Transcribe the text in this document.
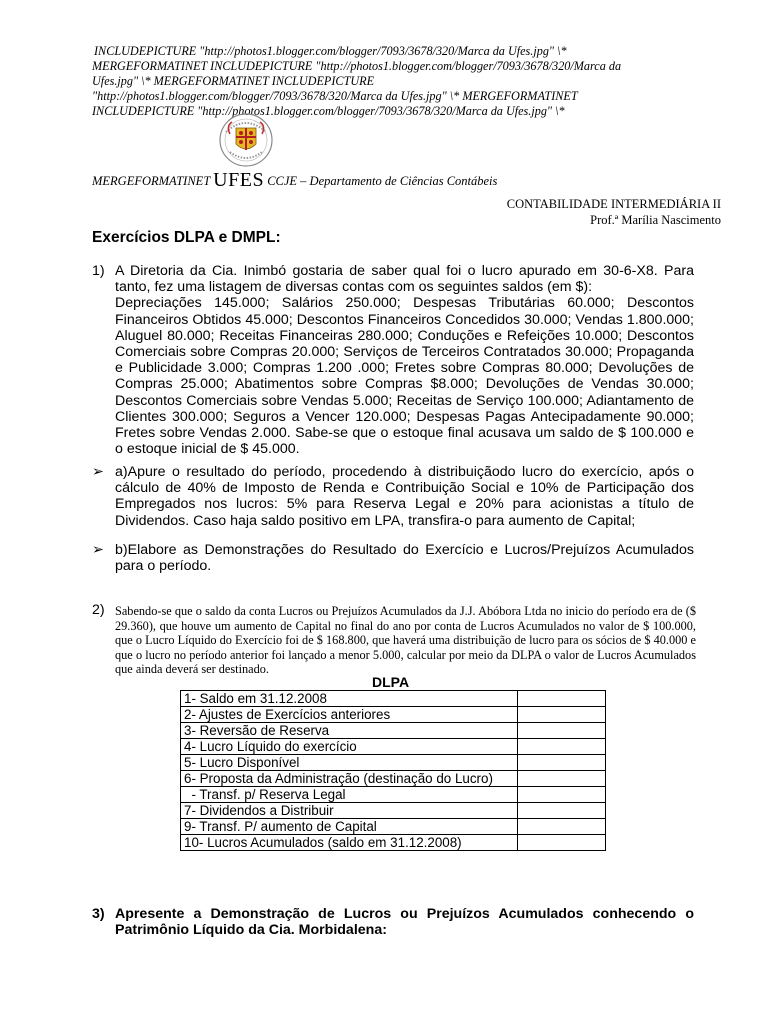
INCLUDEPICTURE "http://photos1.blogger.com/blogger/7093/3678/320/Marca da Ufes.jpg" \*
MERGEFORMATINET INCLUDEPICTURE "http://photos1.blogger.com/blogger/7093/3678/320/Marca da
Ufes.jpg" \* MERGEFORMATINET INCLUDEPICTURE
"http://photos1.blogger.com/blogger/7093/3678/320/Marca da Ufes.jpg" \* MERGEFORMATINET
INCLUDEPICTURE "http://photos1.blogger.com/blogger/7093/3678/320/Marca da Ufes.jpg" \*
MERGEFORMATINET UFES CCJE – Departamento de Ciências Contábeis
CONTABILIDADE INTERMEDIÁRIA II
Prof.ª Marília Nascimento
Exercícios DLPA e DMPL:
1) A Diretoria da Cia. Inimbó gostaria de saber qual foi o lucro apurado em 30-6-X8. Para tanto, fez uma listagem de diversas contas com os seguintes saldos (em $):
Depreciações 145.000; Salários 250.000; Despesas Tributárias 60.000; Descontos Financeiros Obtidos 45.000; Descontos Financeiros Concedidos 30.000; Vendas 1.800.000; Aluguel 80.000; Receitas Financeiras 280.000; Conduções e Refeições 10.000; Descontos Comerciais sobre Compras 20.000; Serviços de Terceiros Contratados 30.000; Propaganda e Publicidade 3.000; Compras 1.200 .000; Fretes sobre Compras 80.000; Devoluções de Compras 25.000; Abatimentos sobre Compras $8.000; Devoluções de Vendas 30.000; Descontos Comerciais sobre Vendas 5.000; Receitas de Serviço 100.000; Adiantamento de Clientes 300.000; Seguros a Vencer 120.000; Despesas Pagas Antecipadamente 90.000; Fretes sobre Vendas 2.000. Sabe-se que o estoque final acusava um saldo de $ 100.000 e o estoque inicial de $ 45.000.
➢ a)Apure o resultado do período, procedendo à distribuiçãodo lucro do exercício, após o cálculo de 40% de Imposto de Renda e Contribuição Social e 10% de Participação dos Empregados nos lucros: 5% para Reserva Legal e 20% para acionistas a título de Dividendos. Caso haja saldo positivo em LPA, transfira-o para aumento de Capital;
➢ b)Elabore as Demonstrações do Resultado do Exercício e Lucros/Prejuízos Acumulados para o período.
2) Sabendo-se que o saldo da conta Lucros ou Prejuízos Acumulados da J.J. Abóbora Ltda no inicio do período era de ($ 29.360), que houve um aumento de Capital no final do ano por conta de Lucros Acumulados no valor de $ 100.000, que o Lucro Líquido do Exercício foi de $ 168.800, que haverá uma distribuição de lucro para os sócios de $ 40.000 e que o lucro no período anterior foi lançado a menor 5.000, calcular por meio da DLPA o valor de Lucros Acumulados que ainda deverá ser destinado.
DLPA
1- Saldo em 31.12.2008	
2- Ajustes de Exercícios anteriores	
3- Reversão de Reserva	
4- Lucro Líquido do exercício	
5- Lucro Disponível	
6- Proposta da Administração (destinação do Lucro)	
- Transf. p/ Reserva Legal	
7- Dividendos a Distribuir	
9- Transf. P/ aumento de Capital	
10- Lucros Acumulados (saldo em 31.12.2008)	
3) Apresente a Demonstração de Lucros ou Prejuízos Acumulados conhecendo o Patrimônio Líquido da Cia. Morbidalena:
